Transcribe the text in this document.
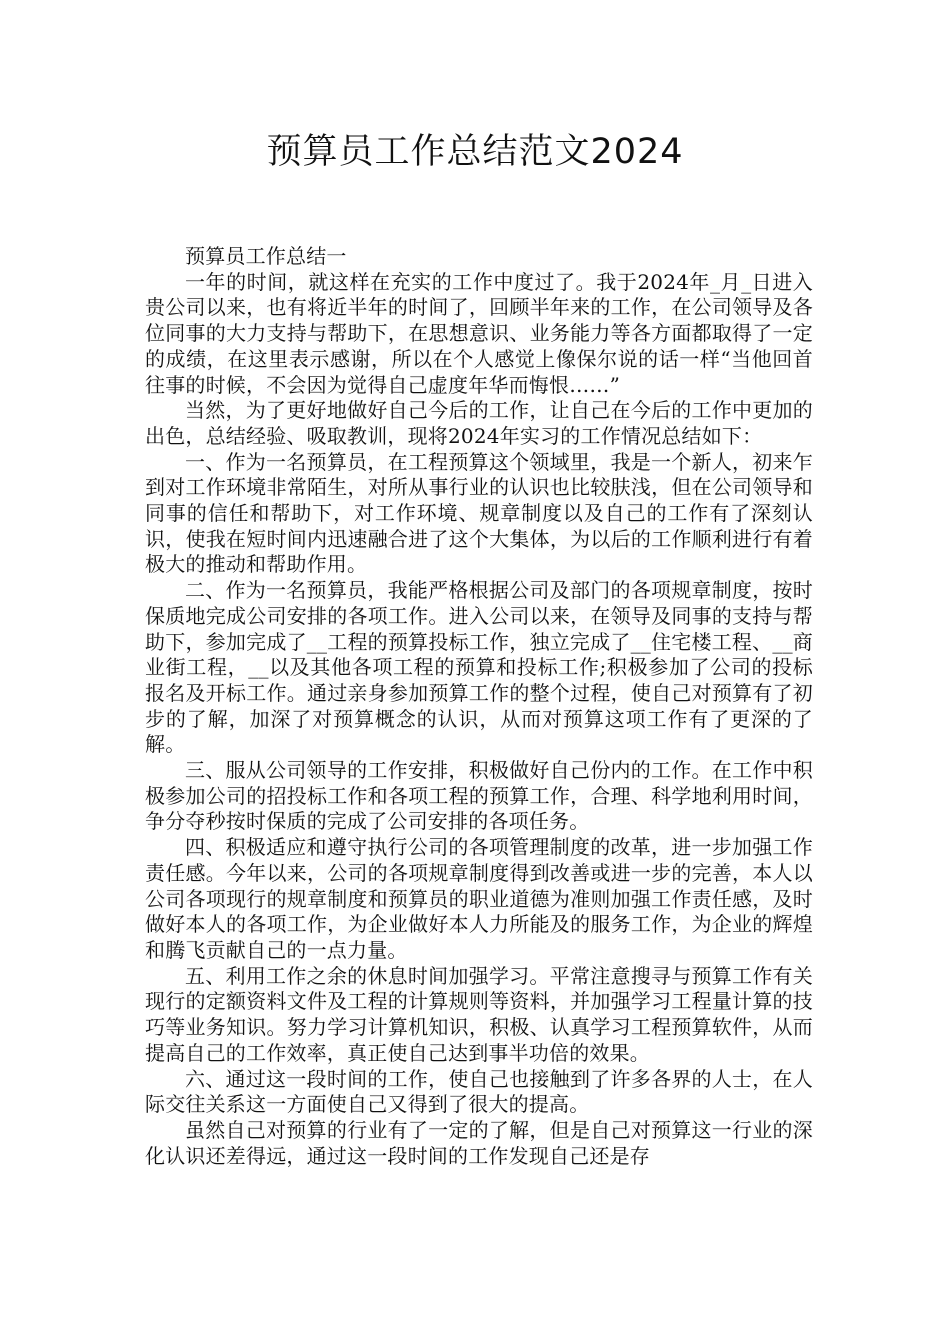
预算员工作总结范文2024

预算员工作总结一

一年的时间，就这样在充实的工作中度过了。我于2024年_月_日进入贵公司以来，也有将近半年的时间了，回顾半年来的工作，在公司领导及各位同事的大力支持与帮助下，在思想意识、业务能力等各方面都取得了一定的成绩，在这里表示感谢，所以在个人感觉上像保尔说的话一样“当他回首往事的时候，不会因为觉得自己虚度年华而悔恨……”

当然，为了更好地做好自己今后的工作，让自己在今后的工作中更加的出色，总结经验、吸取教训，现将2024年实习的工作情况总结如下：

一、作为一名预算员，在工程预算这个领域里，我是一个新人，初来乍到对工作环境非常陌生，对所从事行业的认识也比较肤浅，但在公司领导和同事的信任和帮助下，对工作环境、规章制度以及自己的工作有了深刻认识，使我在短时间内迅速融合进了这个大集体，为以后的工作顺利进行有着极大的推动和帮助作用。

二、作为一名预算员，我能严格根据公司及部门的各项规章制度，按时保质地完成公司安排的各项工作。进入公司以来，在领导及同事的支持与帮助下，参加完成了__工程的预算投标工作，独立完成了__住宅楼工程、__商业街工程，__以及其他各项工程的预算和投标工作;积极参加了公司的投标报名及开标工作。通过亲身参加预算工作的整个过程，使自己对预算有了初步的了解，加深了对预算概念的认识，从而对预算这项工作有了更深的了解。

三、服从公司领导的工作安排，积极做好自己份内的工作。在工作中积极参加公司的招投标工作和各项工程的预算工作，合理、科学地利用时间，争分夺秒按时保质的完成了公司安排的各项任务。

四、积极适应和遵守执行公司的各项管理制度的改革，进一步加强工作责任感。今年以来，公司的各项规章制度得到改善或进一步的完善，本人以公司各项现行的规章制度和预算员的职业道德为准则加强工作责任感，及时做好本人的各项工作，为企业做好本人力所能及的服务工作，为企业的辉煌和腾飞贡献自己的一点力量。

五、利用工作之余的休息时间加强学习。平常注意搜寻与预算工作有关现行的定额资料文件及工程的计算规则等资料，并加强学习工程量计算的技巧等业务知识。努力学习计算机知识，积极、认真学习工程预算软件，从而提高自己的工作效率，真正使自己达到事半功倍的效果。

六、通过这一段时间的工作，使自己也接触到了许多各界的人士，在人际交往关系这一方面使自己又得到了很大的提高。

虽然自己对预算的行业有了一定的了解，但是自己对预算这一行业的深化认识还差得远，通过这一段时间的工作发现自己还是存
